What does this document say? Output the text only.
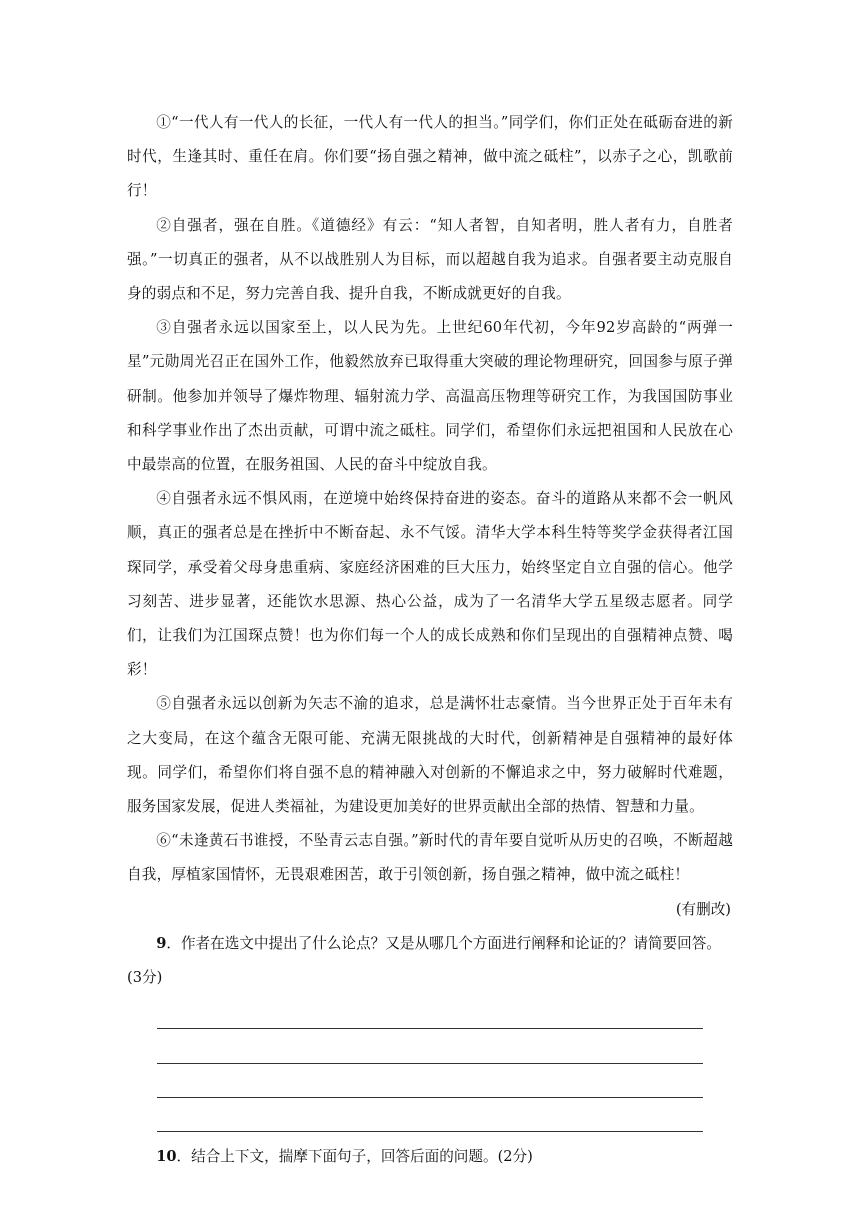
①“一代人有一代人的长征，一代人有一代人的担当。”同学们，你们正处在砥砺奋进的新时代，生逢其时、重任在肩。你们要“扬自强之精神，做中流之砥柱”，以赤子之心，凯歌前行！

②自强者，强在自胜。《道德经》有云：“知人者智，自知者明，胜人者有力，自胜者强。”一切真正的强者，从不以战胜别人为目标，而以超越自我为追求。自强者要主动克服自身的弱点和不足，努力完善自我、提升自我，不断成就更好的自我。

③自强者永远以国家至上，以人民为先。上世纪60年代初，今年92岁高龄的“两弹一星”元勋周光召正在国外工作，他毅然放弃已取得重大突破的理论物理研究，回国参与原子弹研制。他参加并领导了爆炸物理、辐射流力学、高温高压物理等研究工作，为我国国防事业和科学事业作出了杰出贡献，可谓中流之砥柱。同学们，希望你们永远把祖国和人民放在心中最崇高的位置，在服务祖国、人民的奋斗中绽放自我。

④自强者永远不惧风雨，在逆境中始终保持奋进的姿态。奋斗的道路从来都不会一帆风顺，真正的强者总是在挫折中不断奋起、永不气馁。清华大学本科生特等奖学金获得者江国琛同学，承受着父母身患重病、家庭经济困难的巨大压力，始终坚定自立自强的信心。他学习刻苦、进步显著，还能饮水思源、热心公益，成为了一名清华大学五星级志愿者。同学们，让我们为江国琛点赞！也为你们每一个人的成长成熟和你们呈现出的自强精神点赞、喝彩！

⑤自强者永远以创新为矢志不渝的追求，总是满怀壮志豪情。当今世界正处于百年未有之大变局，在这个蕴含无限可能、充满无限挑战的大时代，创新精神是自强精神的最好体现。同学们，希望你们将自强不息的精神融入对创新的不懈追求之中，努力破解时代难题，服务国家发展，促进人类福祉，为建设更加美好的世界贡献出全部的热情、智慧和力量。

⑥“未逢黄石书谁授，不坠青云志自强。”新时代的青年要自觉听从历史的召唤，不断超越自我，厚植家国情怀，无畏艰难困苦，敢于引领创新，扬自强之精神，做中流之砥柱！

(有删改)

9．作者在选文中提出了什么论点？又是从哪几个方面进行阐释和论证的？请简要回答。(3分)

10．结合上下文，揣摩下面句子，回答后面的问题。(2分)
